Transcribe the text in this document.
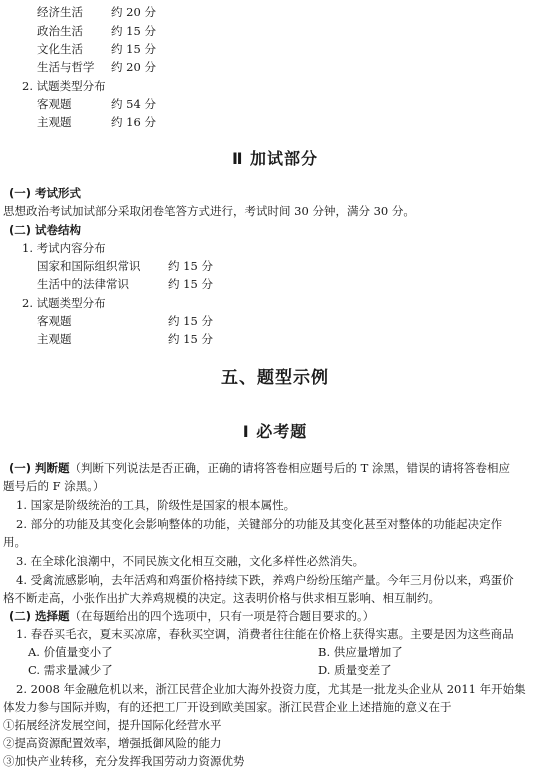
经济生活 约 20 分
政治生活 约 15 分
文化生活 约 15 分
生活与哲学 约 20 分
2. 试题类型分布
客观题	约 54 分
主观题	约 16 分
Ⅱ 加试部分
(一) 考试形式
思想政治考试加试部分采取闭卷笔答方式进行，考试时间 30 分钟，满分 30 分。
(二) 试卷结构
1. 考试内容分布
国家和国际组织常识 约 15 分
生活中的法律常识	约 15 分
2. 试题类型分布
客观题	约 15 分
主观题	约 15 分
五、题型示例
Ⅰ 必考题
(一) 判断题（判断下列说法是否正确，正确的请将答卷相应题号后的 T 涂黑，错误的请将答卷相应
题号后的 F 涂黑。）
1. 国家是阶级统治的工具，阶级性是国家的根本属性。
2. 部分的功能及其变化会影响整体的功能，关键部分的功能及其变化甚至对整体的功能起决定作
用。
3. 在全球化浪潮中，不同民族文化相互交融，文化多样性必然消失。
4. 受禽流感影响，去年活鸡和鸡蛋价格持续下跌，养鸡户纷纷压缩产量。今年三月份以来，鸡蛋价
格不断走高，小张作出扩大养鸡规模的决定。这表明价格与供求相互影响、相互制约。
(二) 选择题（在每题给出的四个选项中，只有一项是符合题目要求的。）
1. 春吞买毛衣，夏末买凉席，春秋买空调，消费者往往能在价格上获得实惠。主要是因为这些商品
A. 价值量变小了	B. 供应量增加了
C. 需求量减少了	D. 质量变差了
2. 2008 年金融危机以来，浙江民营企业加大海外投资力度，尤其是一批龙头企业从 2011 年开始集
体发力参与国际并购，有的还把工厂开设到欧美国家。浙江民营企业上述措施的意义在于
①拓展经济发展空间，提升国际化经营水平
②提高资源配置效率，增强抵御风险的能力
③加快产业转移，充分发挥我国劳动力资源优势
